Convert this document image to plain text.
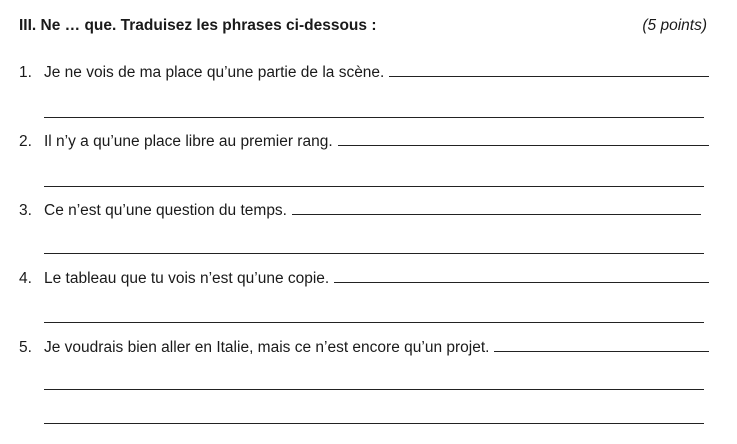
III. Ne … que. Traduisez les phrases ci-dessous :	(5 points)
1. Je ne vois de ma place qu’une partie de la scène.
2. Il n’y a qu’une place libre au premier rang.
3. Ce n’est qu’une question du temps.
4. Le tableau que tu vois n’est qu’une copie.
5. Je voudrais bien aller en Italie, mais ce n’est encore qu’un projet.
